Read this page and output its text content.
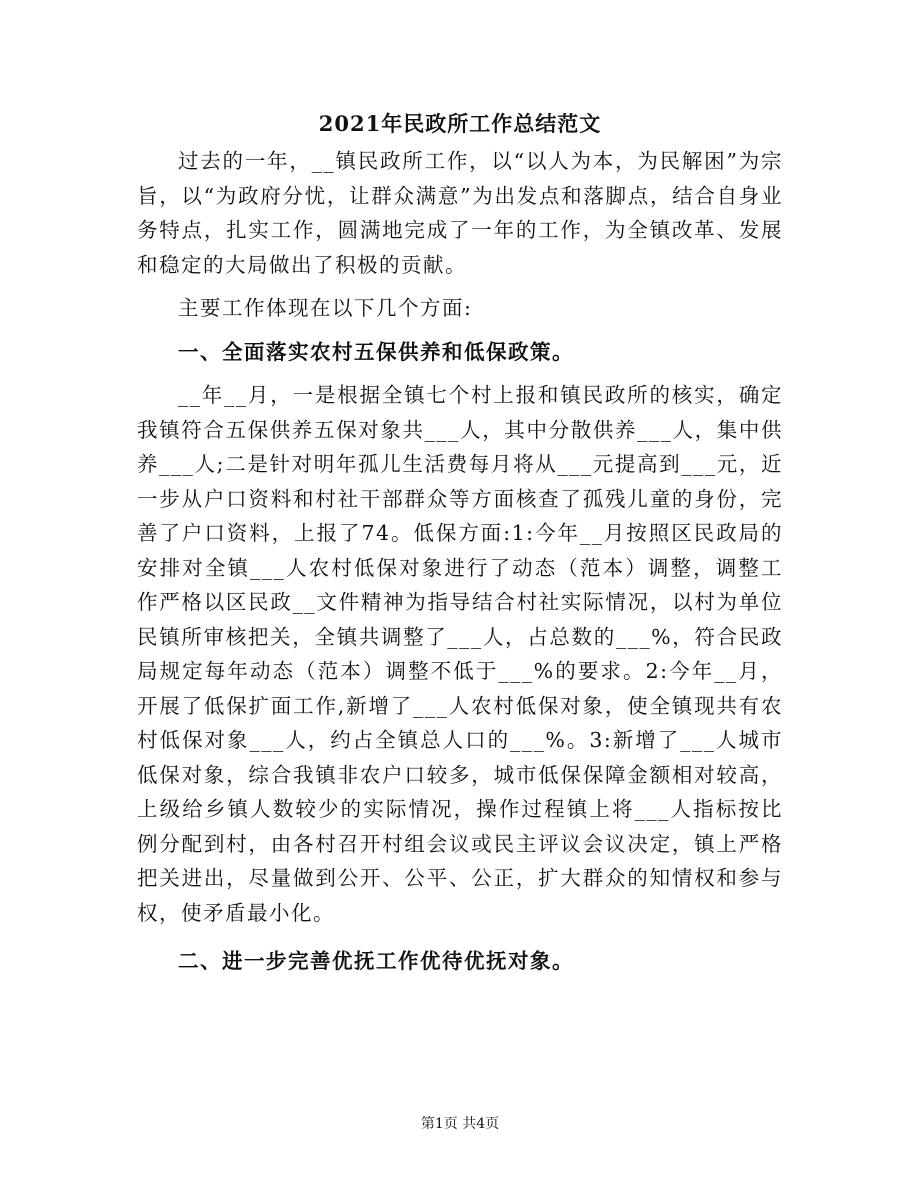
2021年民政所工作总结范文

过去的一年，__镇民政所工作，以“以人为本，为民解困”为宗旨，以“为政府分忧，让群众满意”为出发点和落脚点，结合自身业务特点，扎实工作，圆满地完成了一年的工作，为全镇改革、发展和稳定的大局做出了积极的贡献。

主要工作体现在以下几个方面:

一、全面落实农村五保供养和低保政策。

__年__月，一是根据全镇七个村上报和镇民政所的核实，确定我镇符合五保供养五保对象共___人，其中分散供养___人，集中供养___人;二是针对明年孤儿生活费每月将从___元提高到___元，近一步从户口资料和村社干部群众等方面核查了孤残儿童的身份，完善了户口资料，上报了74。低保方面:1:今年__月按照区民政局的安排对全镇___人农村低保对象进行了动态（范本）调整，调整工作严格以区民政__文件精神为指导结合村社实际情况，以村为单位民镇所审核把关，全镇共调整了___人，占总数的___%，符合民政局规定每年动态（范本）调整不低于___%的要求。2:今年__月，开展了低保扩面工作,新增了___人农村低保对象，使全镇现共有农村低保对象___人，约占全镇总人口的___%。3:新增了___人城市低保对象，综合我镇非农户口较多，城市低保保障金额相对较高，上级给乡镇人数较少的实际情况，操作过程镇上将___人指标按比例分配到村，由各村召开村组会议或民主评议会议决定，镇上严格把关进出，尽量做到公开、公平、公正，扩大群众的知情权和参与权，使矛盾最小化。

二、进一步完善优抚工作优待优抚对象。

第1页 共4页
